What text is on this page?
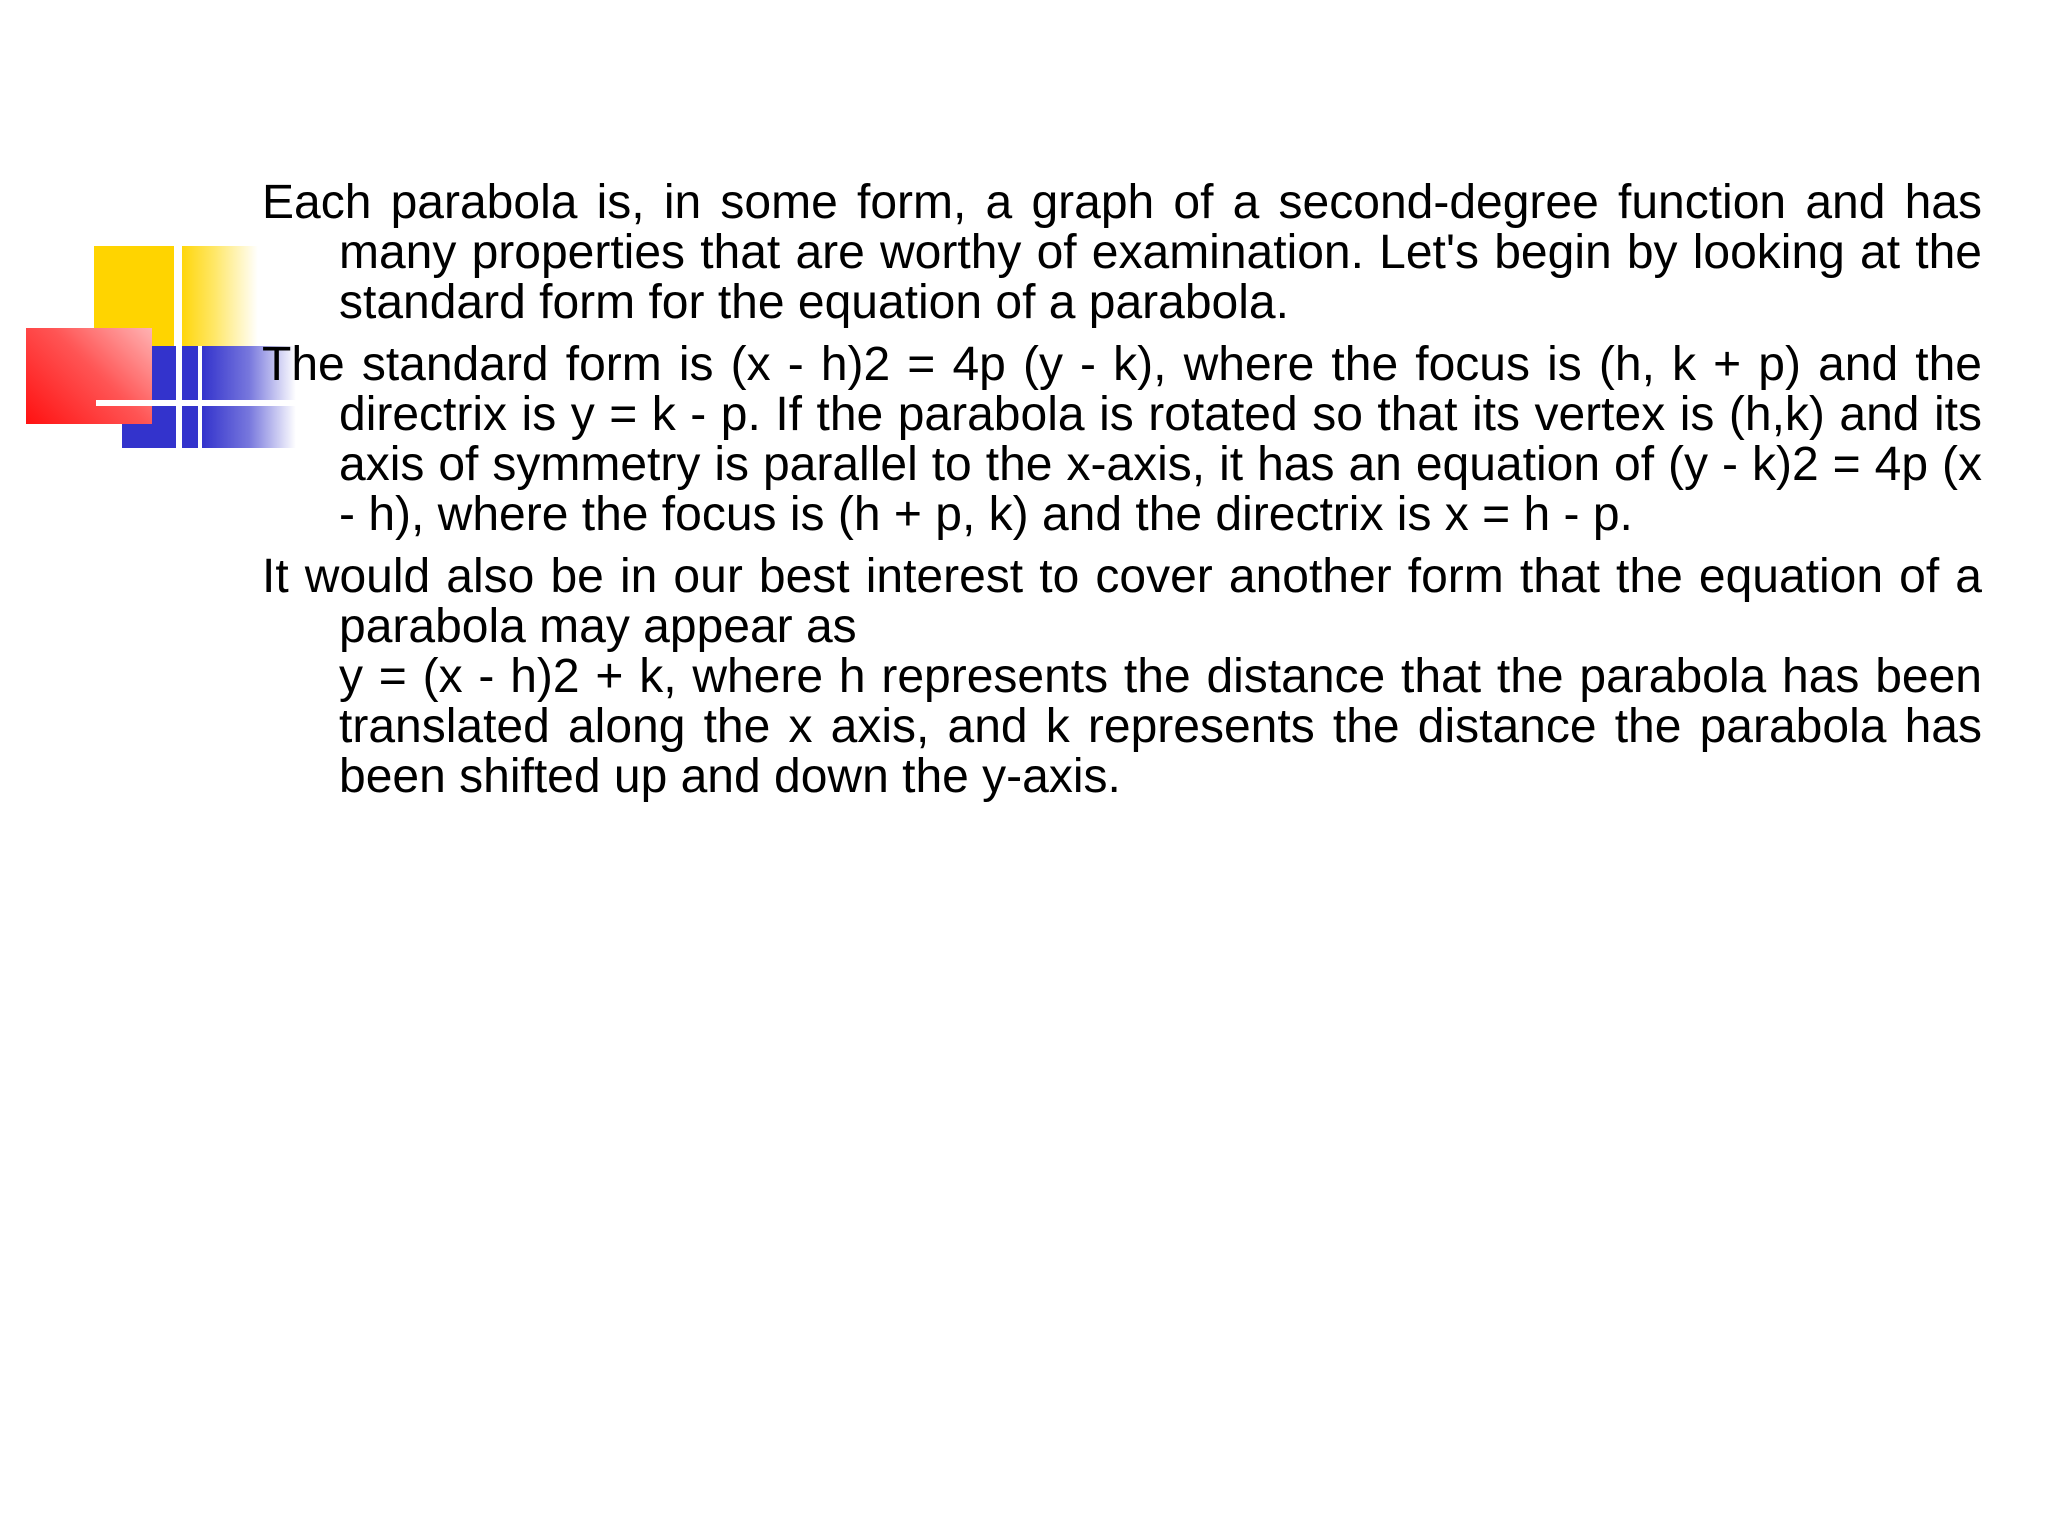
Each parabola is, in some form, a graph of a second-degree function and has many properties that are worthy of examination. Let's begin by looking at the standard form for the equation of a parabola.

The standard form is (x - h)2 = 4p (y - k), where the focus is (h, k + p) and the directrix is y = k - p. If the parabola is rotated so that its vertex is (h,k) and its axis of symmetry is parallel to the x-axis, it has an equation of (y - k)2 = 4p (x - h), where the focus is (h + p, k) and the directrix is x = h - p.

It would also be in our best interest to cover another form that the equation of a parabola may appear as
y = (x - h)2 + k, where h represents the distance that the parabola has been translated along the x axis, and k represents the distance the parabola has been shifted up and down the y-axis.
